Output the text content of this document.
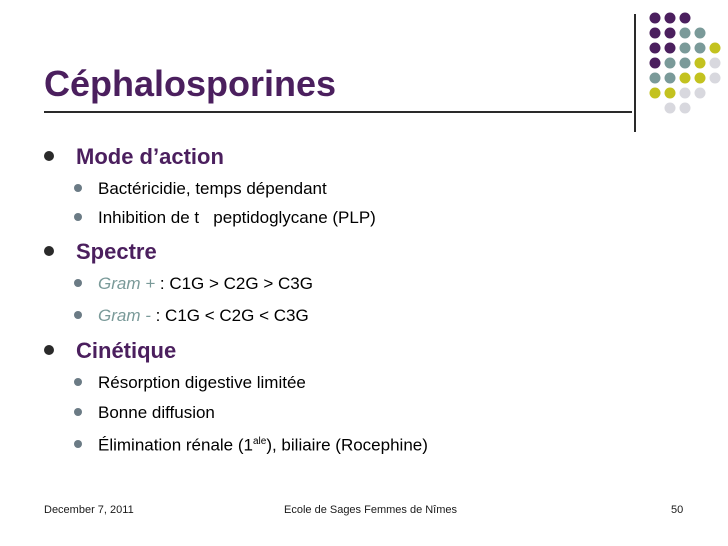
Céphalosporines
Mode d’action
Bactéricidie, temps dépendant
Inhibition de t   peptidoglycane (PLP)
Spectre
Gram + : C1G > C2G > C3G
Gram - : C1G < C2G < C3G
Cinétique
Résorption digestive limitée
Bonne diffusion
Élimination rénale $(1^{ale})$, biliaire (Rocephine)
December 7, 2011	Ecole de Sages Femmes de Nîmes	50
